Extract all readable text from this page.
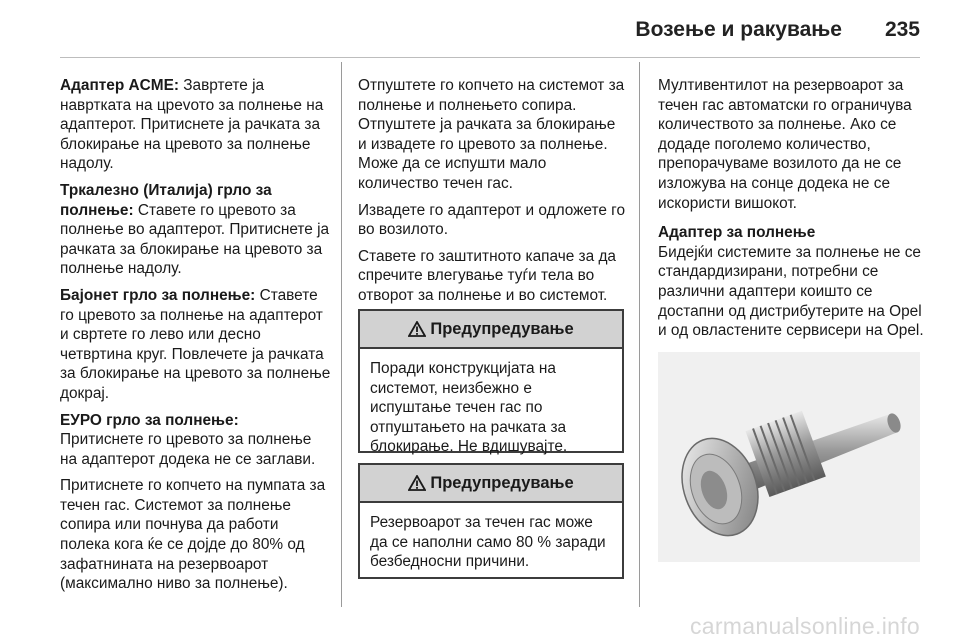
Возење и ракување 235

Адаптер ACME: Завртете ја навртката на црevото за полнење на адаптерот. Притиснете ја рачката за блокирање на цревото за полнење надолу.

Тркалезно (Италија) грло за полнење: Ставете го цревото за полнење во адаптерот. Притиснете ја рачката за блокирање на цревото за полнење надолу.

Бајонет грло за полнење: Ставете го цревото за полнење на адаптерот и свртете го лево или десно четвртина круг. Повлечете ја рачката за блокирање на цревото за полнење докрај.

ЕУРО грло за полнење:
Притиснете го цревото за полнење на адаптерот додека не се заглави.

Притиснете го копчето на пумпата за течен гас. Системот за полнење сопира или почнува да работи полека кога ќе се дојде до 80% од зафатнината на резервоарот (максимално ниво за полнење).

Отпуштете го копчето на системот за полнење и полнењето сопира. Отпуштете ја рачката за блокирање и извадете го цревото за полнење. Може да се испушти мало количество течен гас.

Извадете го адаптерот и одложете го во возилото.

Ставете го заштитното капаче за да спречите влегување туѓи тела во отворот за полнење и во системот.

Предупредување
Поради конструкцијата на системот, неизбежно е испуштање течен гас по отпуштањето на рачката за блокирање. Не вдишувајте.
Предупредување
Резервоарот за течен гас може да се наполни само 80 % заради безбедносни причини.

Мултивентилот на резервоарот за течен гас автоматски го ограничува количеството за полнење. Ако се додаде поголемо количество, препорачуваме возилото да не се изложува на сонце додека не се искористи вишокот.

Адаптер за полнење

Бидејќи системите за полнење не се стандардизирани, потребни се различни адаптери коишто се достапни од дистрибутерите на Opel и од овластените сервисери на Opel.

carmanualsonline.info
